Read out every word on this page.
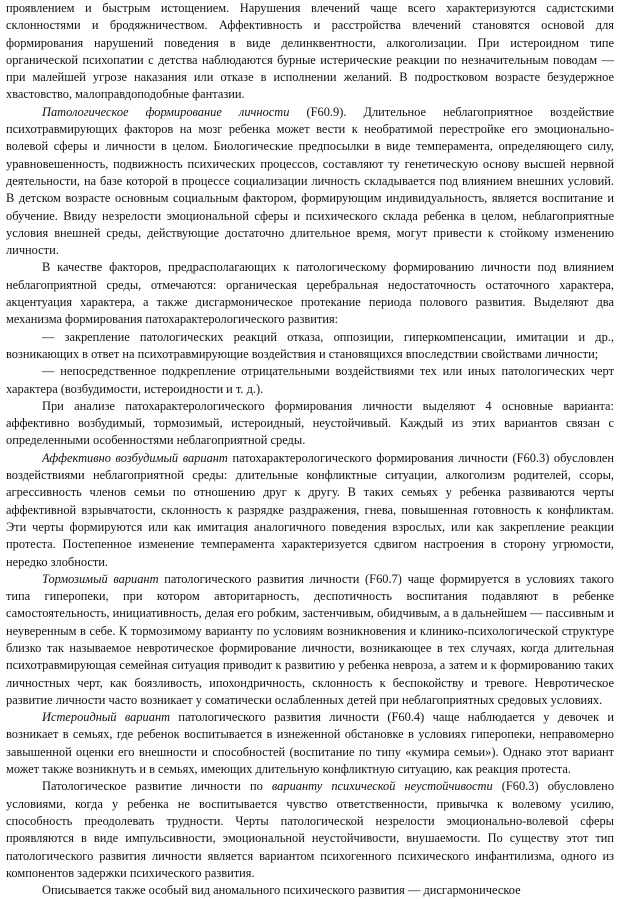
проявлением и быстрым истощением. Нарушения влечений чаще всего характеризуются садистскими склонностями и бродяжничеством. Аффективность и расстройства влечений становятся основой для формирования нарушений поведения в виде делинквентности, алкоголизации. При истероидном типе органической психопатии с детства наблюдаются бурные истерические реакции по незначительным поводам — при малейшей угрозе наказания или отказе в исполнении желаний. В подростковом возрасте безудержное хвастовство, малоправдоподобные фантазии.

Патологическое формирование личности (F60.9). Длительное неблагоприятное воздействие психотравмирующих факторов на мозг ребенка может вести к необратимой перестройке его эмоционально-волевой сферы и личности в целом. Биологические предпосылки в виде темперамента, определяющего силу, уравновешенность, подвижность психических процессов, составляют ту генетическую основу высшей нервной деятельности, на базе которой в процессе социализации личность складывается под влиянием внешних условий. В детском возрасте основным социальным фактором, формирующим индивидуальность, является воспитание и обучение. Ввиду незрелости эмоциональной сферы и психического склада ребенка в целом, неблагоприятные условия внешней среды, действующие достаточно длительное время, могут привести к стойкому изменению личности.

В качестве факторов, предрасполагающих к патологическому формированию личности под влиянием неблагоприятной среды, отмечаются: органическая церебральная недостаточность остаточного характера, акцентуация характера, а также дисгармоническое протекание периода полового развития. Выделяют два механизма формирования патохарактерологического развития:

— закрепление патологических реакций отказа, оппозиции, гиперкомпенсации, имитации и др., возникающих в ответ на психотравмирующие воздействия и становящихся впоследствии свойствами личности;

— непосредственное подкрепление отрицательными воздействиями тех или иных патологических черт характера (возбудимости, истероидности и т. д.).

При анализе патохарактерологического формирования личности выделяют 4 основные варианта: аффективно возбудимый, тормозимый, истероидный, неустойчивый. Каждый из этих вариантов связан с определенными особенностями неблагоприятной среды.

Аффективно возбудимый вариант патохарактерологического формирования личности (F60.3) обусловлен воздействиями неблагоприятной среды: длительные конфликтные ситуации, алкоголизм родителей, ссоры, агрессивность членов семьи по отношению друг к другу. В таких семьях у ребенка развиваются черты аффективной взрывчатости, склонность к разрядке раздражения, гнева, повышенная готовность к конфликтам. Эти черты формируются или как имитация аналогичного поведения взрослых, или как закрепление реакции протеста. Постепенное изменение темперамента характеризуется сдвигом настроения в сторону угрюмости, нередко злобности.

Тормозимый вариант патологического развития личности (F60.7) чаще формируется в условиях такого типа гиперопеки, при котором авторитарность, деспотичность воспитания подавляют в ребенке самостоятельность, инициативность, делая его робким, застенчивым, обидчивым, а в дальнейшем — пассивным и неуверенным в себе. К тормозимому варианту по условиям возникновения и клинико-психологической структуре близко так называемое невротическое формирование личности, возникающее в тех случаях, когда длительная психотравмирующая семейная ситуация приводит к развитию у ребенка невроза, а затем и к формированию таких личностных черт, как боязливость, ипохондричность, склонность к беспокойству и тревоге. Невротическое развитие личности часто возникает у соматически ослабленных детей при неблагоприятных средовых условиях.

Истероидный вариант патологического развития личности (F60.4) чаще наблюдается у девочек и возникает в семьях, где ребенок воспитывается в изнеженной обстановке в условиях гиперопеки, неправомерно завышенной оценки его внешности и способностей (воспитание по типу «кумира семьи»). Однако этот вариант может также возникнуть и в семьях, имеющих длительную конфликтную ситуацию, как реакция протеста.

Патологическое развитие личности по варианту психической неустойчивости (F60.3) обусловлено условиями, когда у ребенка не воспитывается чувство ответственности, привычка к волевому усилию, способность преодолевать трудности. Черты патологической незрелости эмоционально-волевой сферы проявляются в виде импульсивности, эмоциональной неустойчивости, внушаемости. По существу этот тип патологического развития личности является вариантом психогенного психического инфантилизма, одного из компонентов задержки психического развития.

Описывается также особый вид аномального психического развития — дисгармоническое
